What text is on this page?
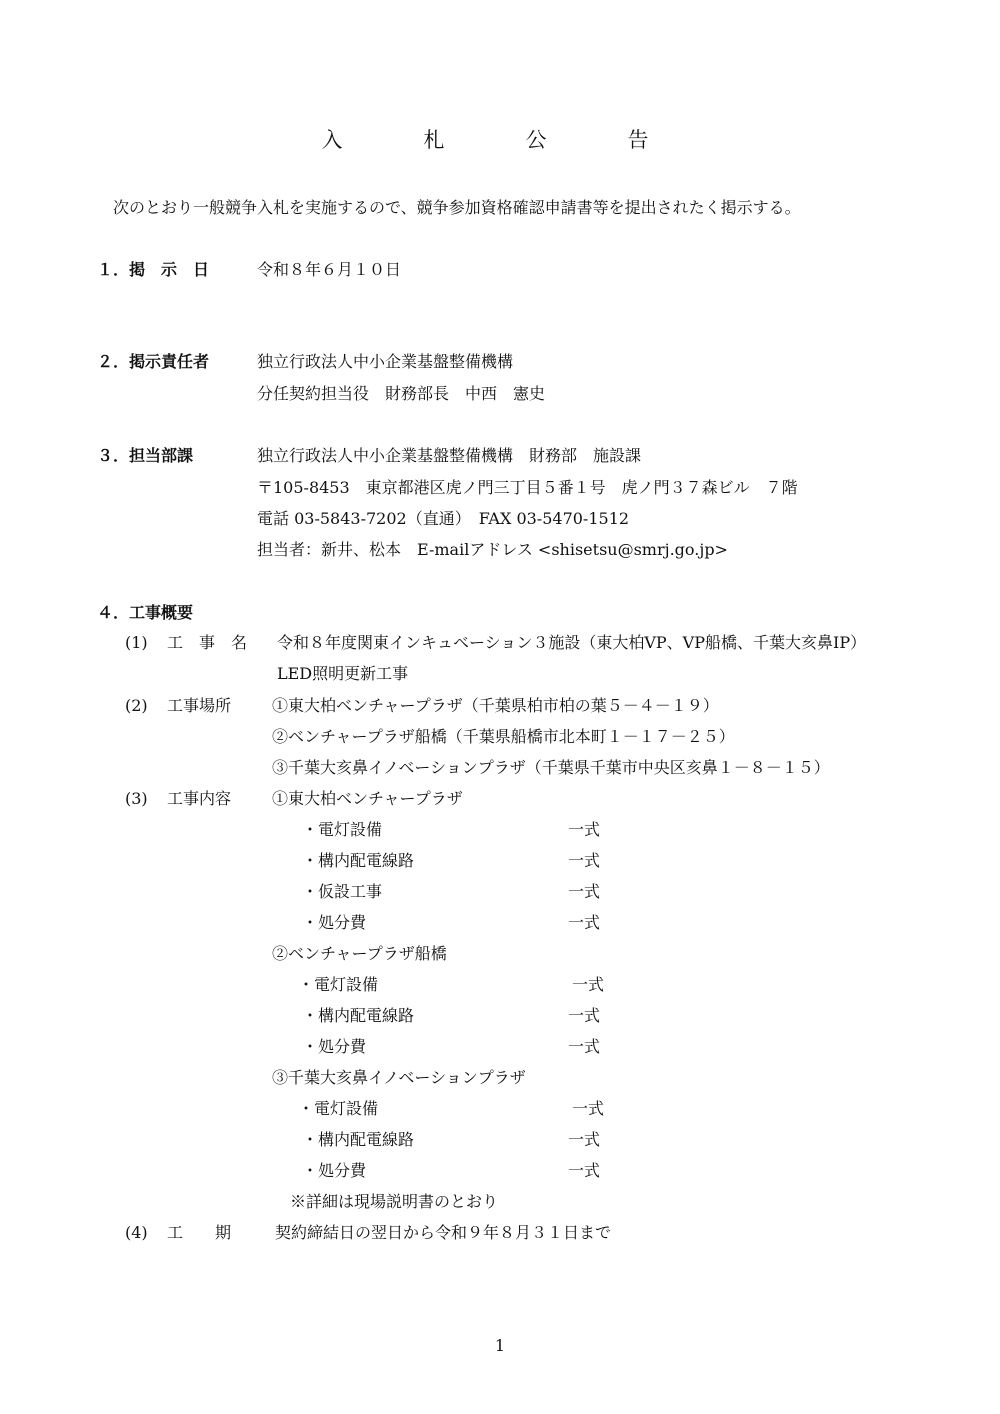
入　札　公　告
次のとおり一般競争入札を実施するので、競争参加資格確認申請書等を提出されたく掲示する。
１．掲　示　日	令和８年６月１０日
２．掲示責任者	独立行政法人中小企業基盤整備機構
分任契約担当役　財務部長　中西　憲史
３．担当部課	独立行政法人中小企業基盤整備機構　財務部　施設課
〒105-8453　東京都港区虎ノ門三丁目５番１号　虎ノ門３７森ビル　７階
電話 03-5843-7202（直通）　FAX 03-5470-1512
担当者：新井、松本　E-mailアドレス <shisetsu@smrj.go.jp>
４．工事概要
(1) 工　事　名 令和８年度関東インキュベーション３施設（東大柏VP、VP船橋、千葉大亥鼻IP）
LED照明更新工事
(2) 工事場所	①東大柏ベンチャープラザ（千葉県柏市柏の葉５－４－１９）
②ベンチャープラザ船橋（千葉県船橋市北本町１－１７－２５）
③千葉大亥鼻イノベーションプラザ（千葉県千葉市中央区亥鼻１－８－１５）
(3) 工事内容	①東大柏ベンチャープラザ
・電灯設備	一式
・構内配電線路	一式
・仮設工事	一式
・処分費	一式
②ベンチャープラザ船橋
・電灯設備	一式
・構内配電線路	一式
・処分費	一式
③千葉大亥鼻イノベーションプラザ
・電灯設備	一式
・構内配電線路	一式
・処分費	一式
※詳細は現場説明書のとおり
(4) 工　　期	契約締結日の翌日から令和９年８月３１日まで
1
